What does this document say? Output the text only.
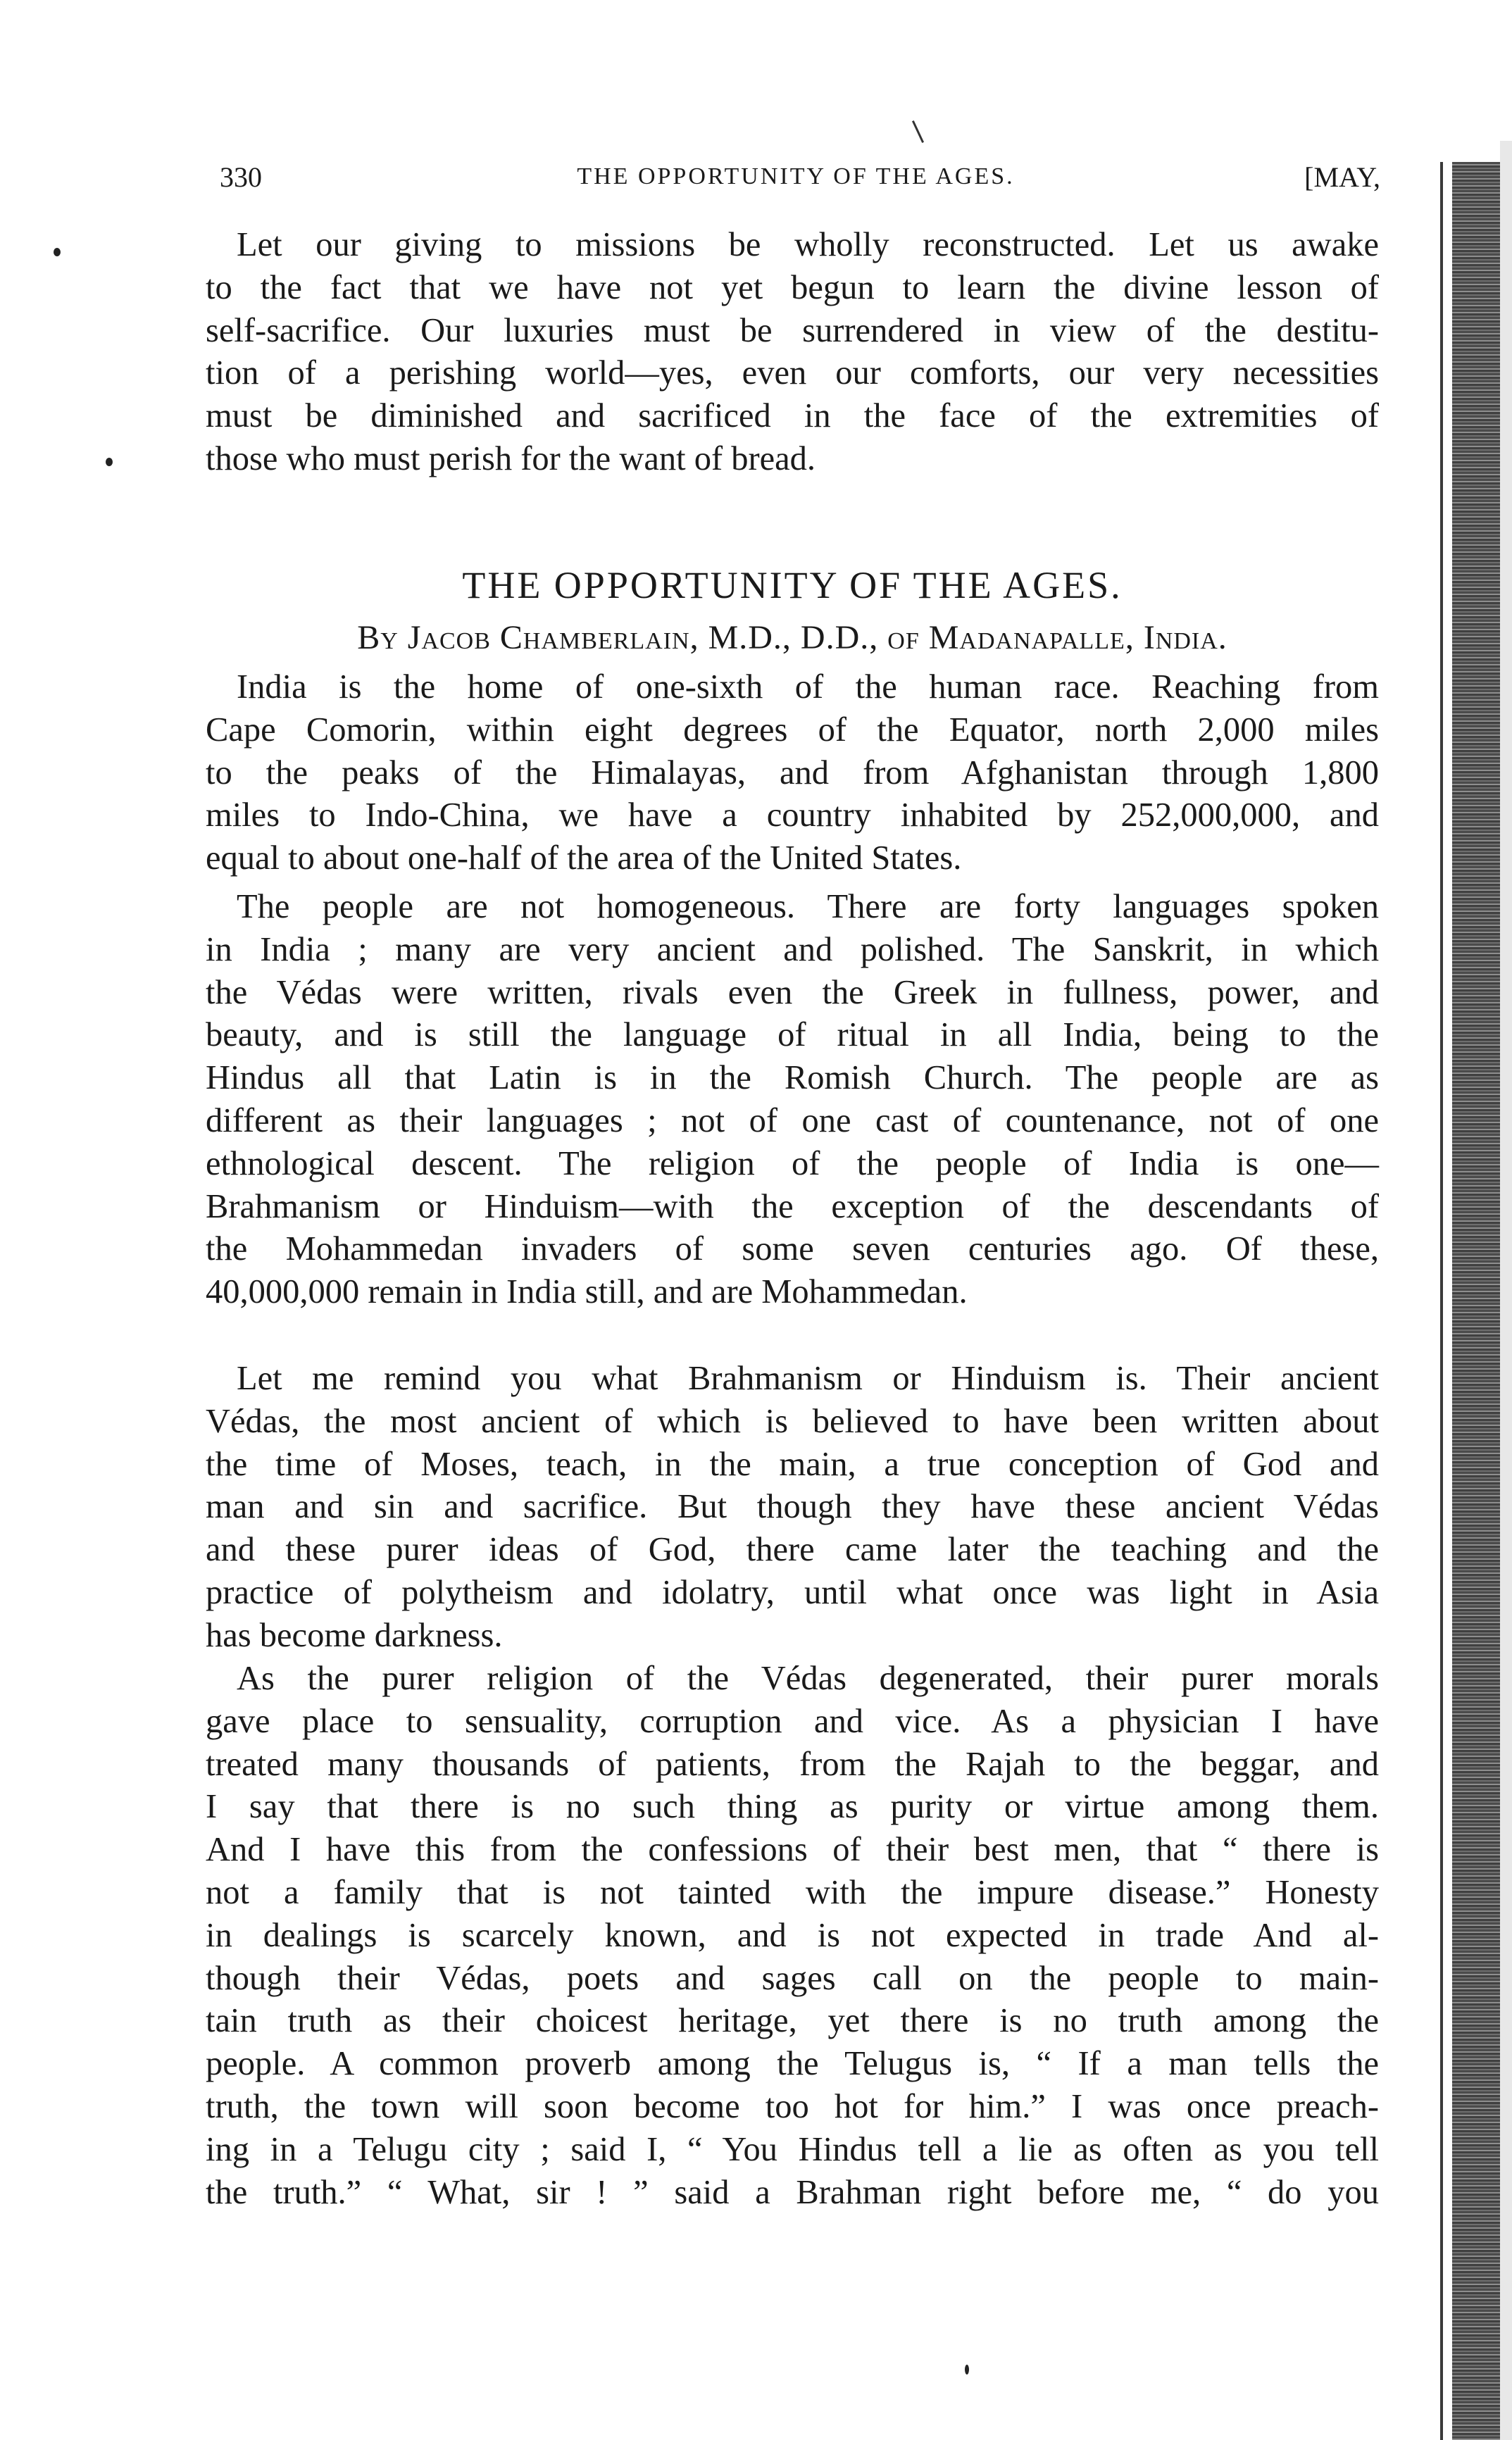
330	THE OPPORTUNITY OF THE AGES.	[MAY,

Let our giving to missions be wholly reconstructed. Let us awake
to the fact that we have not yet begun to learn the divine lesson of
self-sacrifice. Our luxuries must be surrendered in view of the destitu-
tion of a perishing world—yes, even our comforts, our very necessities
must be diminished and sacrificed in the face of the extremities of
those who must perish for the want of bread.

THE OPPORTUNITY OF THE AGES.

By Jacob Chamberlain, M.D., D.D., of Madanapalle, India.

India is the home of one-sixth of the human race. Reaching from
Cape Comorin, within eight degrees of the Equator, north 2,000 miles
to the peaks of the Himalayas, and from Afghanistan through 1,800
miles to Indo-China, we have a country inhabited by 252,000,000, and
equal to about one-half of the area of the United States.

The people are not homogeneous. There are forty languages spoken
in India ; many are very ancient and polished. The Sanskrit, in which
the Védas were written, rivals even the Greek in fullness, power, and
beauty, and is still the language of ritual in all India, being to the
Hindus all that Latin is in the Romish Church. The people are as
different as their languages ; not of one cast of countenance, not of one
ethnological descent. The religion of the people of India is one—
Brahmanism or Hinduism—with the exception of the descendants of
the Mohammedan invaders of some seven centuries ago. Of these,
40,000,000 remain in India still, and are Mohammedan.

Let me remind you what Brahmanism or Hinduism is. Their ancient
Védas, the most ancient of which is believed to have been written about
the time of Moses, teach, in the main, a true conception of God and
man and sin and sacrifice. But though they have these ancient Védas
and these purer ideas of God, there came later the teaching and the
practice of polytheism and idolatry, until what once was light in Asia
has become darkness.

As the purer religion of the Védas degenerated, their purer morals
gave place to sensuality, corruption and vice. As a physician I have
treated many thousands of patients, from the Rajah to the beggar, and
I say that there is no such thing as purity or virtue among them.
And I have this from the confessions of their best men, that “ there is
not a family that is not tainted with the impure disease.” Honesty
in dealings is scarcely known, and is not expected in trade And al-
though their Védas, poets and sages call on the people to main-
tain truth as their choicest heritage, yet there is no truth among the
people. A common proverb among the Telugus is, “ If a man tells the
truth, the town will soon become too hot for him.” I was once preach-
ing in a Telugu city ; said I, “ You Hindus tell a lie as often as you tell
the truth.” “ What, sir ! ” said a Brahman right before me, “ do you
